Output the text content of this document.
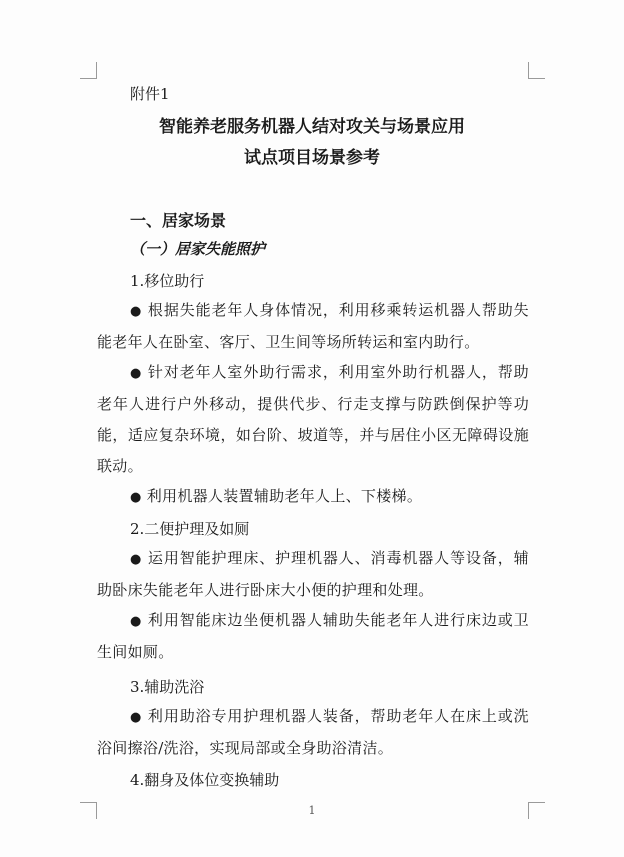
附件1
智能养老服务机器人结对攻关与场景应用
试点项目场景参考
一、居家场景
（一）居家失能照护
1.移位助行

● 根据失能老年人身体情况，利用移乘转运机器人帮助失能老年人在卧室、客厅、卫生间等场所转运和室内助行。

● 针对老年人室外助行需求，利用室外助行机器人，帮助老年人进行户外移动，提供代步、行走支撑与防跌倒保护等功能，适应复杂环境，如台阶、坡道等，并与居住小区无障碍设施联动。

● 利用机器人装置辅助老年人上、下楼梯。

2.二便护理及如厕

● 运用智能护理床、护理机器人、消毒机器人等设备，辅助卧床失能老年人进行卧床大小便的护理和处理。

● 利用智能床边坐便机器人辅助失能老年人进行床边或卫生间如厕。

3.辅助洗浴

● 利用助浴专用护理机器人装备，帮助老年人在床上或洗浴间擦浴/洗浴，实现局部或全身助浴清洁。

4.翻身及体位变换辅助
1
